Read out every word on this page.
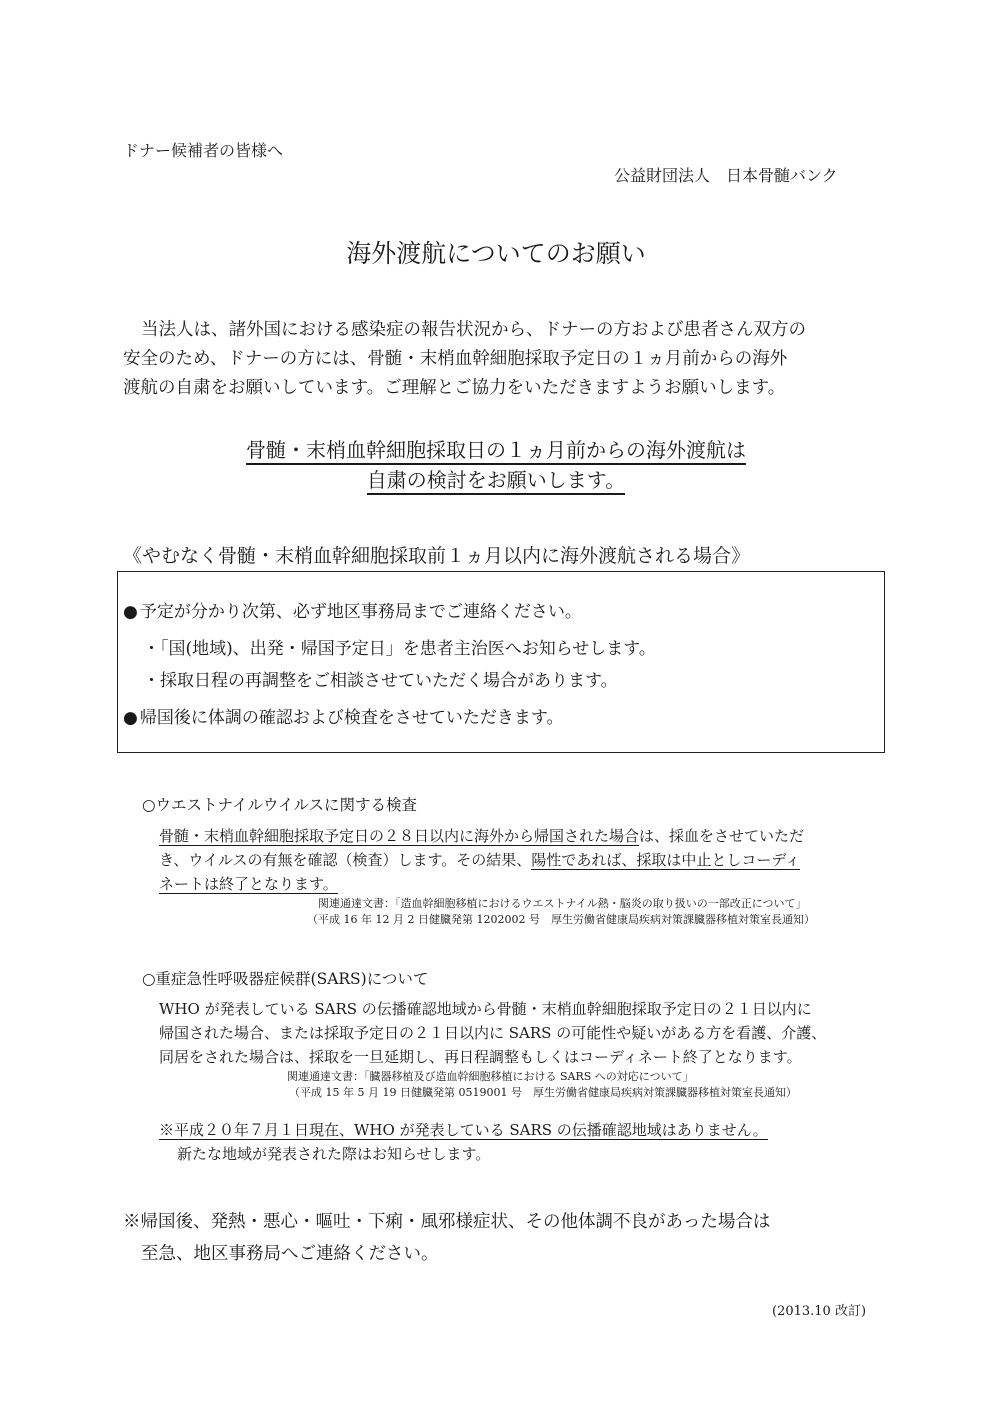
ドナー候補者の皆様へ
公益財団法人　日本骨髄バンク
海外渡航についてのお願い
当法人は、諸外国における感染症の報告状況から、ドナーの方および患者さん双方の
安全のため、ドナーの方には、骨髄・末梢血幹細胞採取予定日の１ヵ月前からの海外
渡航の自粛をお願いしています。ご理解とご協力をいただきますようお願いします。
骨髄・末梢血幹細胞採取日の１ヵ月前からの海外渡航は
自粛の検討をお願いします。
《やむなく骨髄・末梢血幹細胞採取前１ヵ月以内に海外渡航される場合》
● 予定が分かり次第、必ず地区事務局までご連絡ください。
・「国(地域)、出発・帰国予定日」を患者主治医へお知らせします。
・採取日程の再調整をご相談させていただく場合があります。
● 帰国後に体調の確認および検査をさせていただきます。
○ウエストナイルウイルスに関する検査
骨髄・末梢血幹細胞採取予定日の２８日以内に海外から帰国された場合は、採血をさせていただ
き、ウイルスの有無を確認（検査）します。その結果、陽性であれば、採取は中止としコーディ
ネートは終了となります。
関連通達文書：「造血幹細胞移植におけるウエストナイル熱・脳炎の取り扱いの一部改正について」
（平成 16 年 12 月 2 日健臓発第 1202002 号　厚生労働省健康局疾病対策課臓器移植対策室長通知）
○重症急性呼吸器症候群(SARS)について
WHO が発表している SARS の伝播確認地域から骨髄・末梢血幹細胞採取予定日の２１日以内に
帰国された場合、または採取予定日の２１日以内に SARS の可能性や疑いがある方を看護、介護、
同居をされた場合は、採取を一旦延期し、再日程調整もしくはコーディネート終了となります。
関連通達文書：「臓器移植及び造血幹細胞移植における SARS への対応について」
（平成 15 年 5 月 19 日健臓発第 0519001 号　厚生労働省健康局疾病対策課臓器移植対策室長通知）
※平成２０年７月１日現在、WHO が発表している SARS の伝播確認地域はありません。
新たな地域が発表された際はお知らせします。
※帰国後、発熱・悪心・嘔吐・下痢・風邪様症状、その他体調不良があった場合は
至急、地区事務局へご連絡ください。
(2013.10 改訂)
